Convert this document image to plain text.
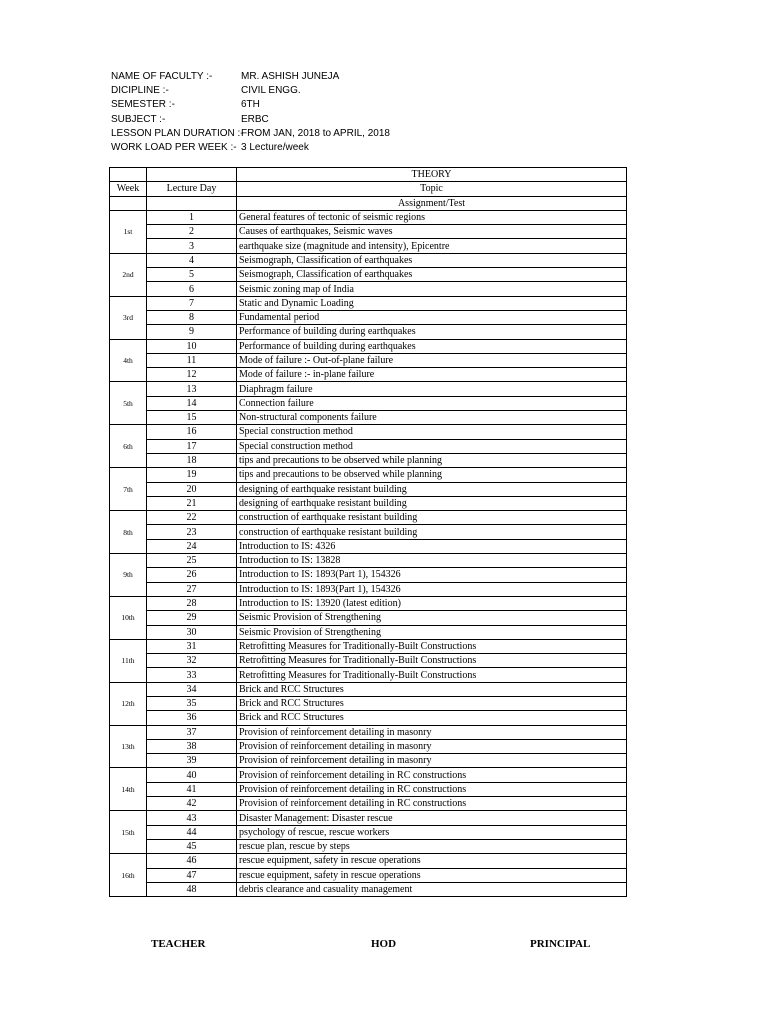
NAME OF FACULTY :-	MR. ASHISH JUNEJA
DICIPLINE :-	CIVIL ENGG.
SEMESTER :-	6TH
SUBJECT :-	ERBC
LESSON PLAN DURATION :-
FROM JAN, 2018 to APRIL, 2018
WORK LOAD PER WEEK :- 3 Lecture/week
		THEORY
Week	Lecture Day	Topic
		Assignment/Test
1st	1	General features of tectonic of seismic regions
	2	Causes of earthquakes, Seismic waves
	3	earthquake size (magnitude and intensity), Epicentre
2nd	4	Seismograph, Classification of earthquakes
	5	Seismograph, Classification of earthquakes
	6	Seismic zoning map of India
3rd	7	Static and Dynamic Loading
	8	Fundamental period
	9	Performance of building during earthquakes
4th	10	Performance of building during earthquakes
	11	Mode of failure :- Out-of-plane failure
	12	Mode of failure :- in-plane failure
5th	13	Diaphragm failure
	14	Connection failure
	15	Non-structural components failure
6th	16	Special construction method
	17	Special construction method
	18	tips and precautions to be observed while planning
7th	19	tips and precautions to be observed while planning
	20	designing of earthquake resistant building
	21	designing of earthquake resistant building
8th	22	construction of earthquake resistant building
	23	construction of earthquake resistant building
	24	Introduction to IS: 4326
9th	25	Introduction to IS: 13828
	26	Introduction to IS: 1893(Part 1), 154326
	27	Introduction to IS: 1893(Part 1), 154326
10th	28	Introduction to IS: 13920 (latest edition)
	29	Seismic Provision of Strengthening
	30	Seismic Provision of Strengthening
11th	31	Retrofitting Measures for Traditionally-Built Constructions
	32	Retrofitting Measures for Traditionally-Built Constructions
	33	Retrofitting Measures for Traditionally-Built Constructions
12th	34	Brick and RCC Structures
	35	Brick and RCC Structures
	36	Brick and RCC Structures
13th	37	Provision of reinforcement detailing in masonry
	38	Provision of reinforcement detailing in masonry
	39	Provision of reinforcement detailing in masonry
14th	40	Provision of reinforcement detailing in RC constructions
	41	Provision of reinforcement detailing in RC constructions
	42	Provision of reinforcement detailing in RC constructions
15th	43	Disaster Management: Disaster rescue
	44	psychology of rescue, rescue workers
	45	rescue plan, rescue by steps
16th	46	rescue equipment, safety in rescue operations
	47	rescue equipment, safety in rescue operations
	48	debris clearance and casuality management
TEACHER	HOD	PRINCIPAL
